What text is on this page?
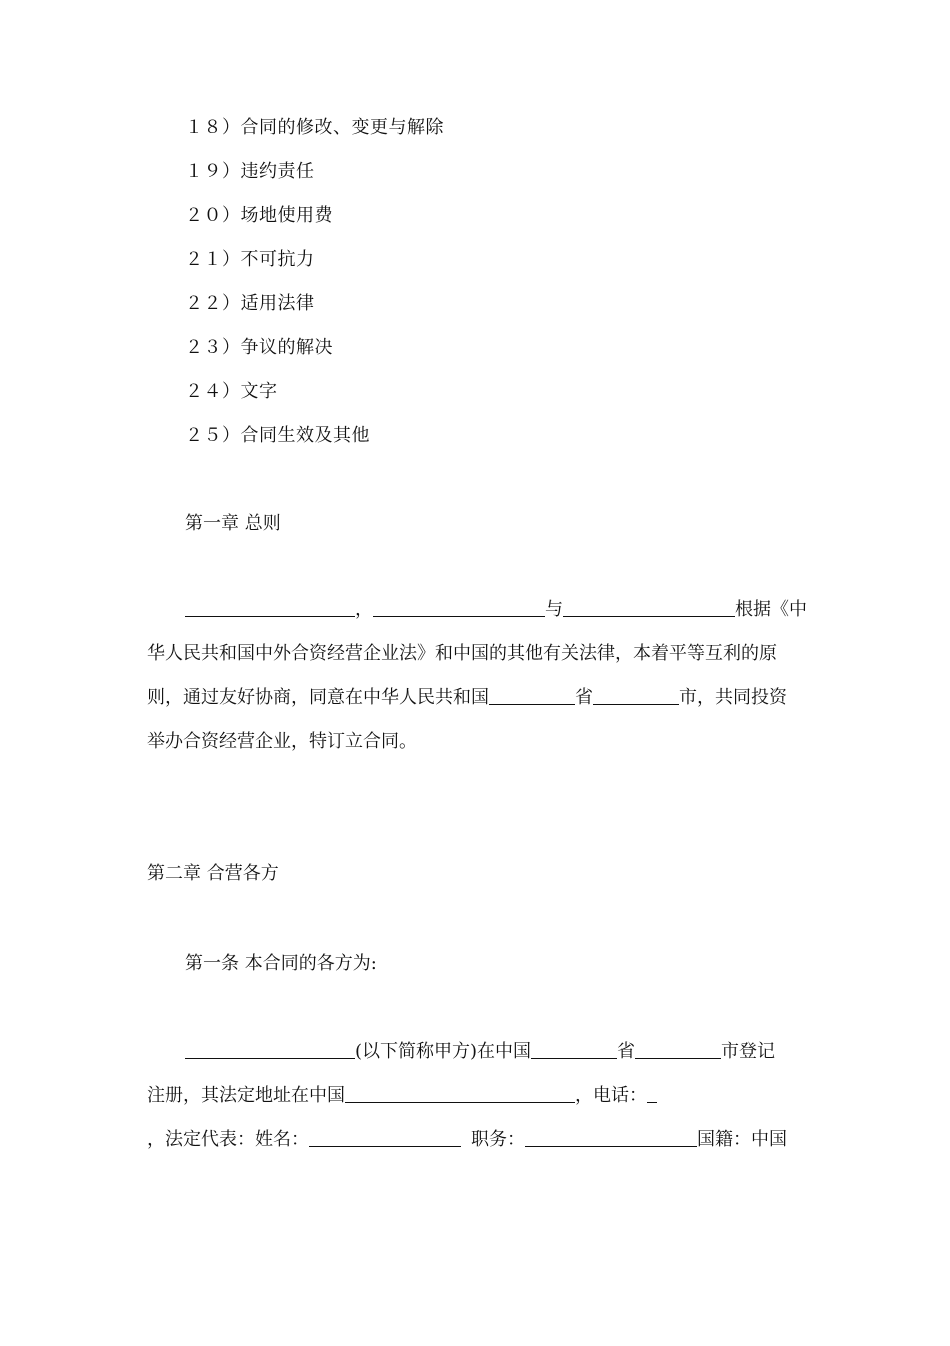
１８）合同的修改、变更与解除
１９）违约责任
２０）场地使用费
２１）不可抗力
２２）适用法律
２３）争议的解决
２４）文字
２５）合同生效及其他
第一章 总则
，	与	根据《中
华人民共和国中外合资经营企业法》和中国的其他有关法律，本着平等互利的原
则，通过友好协商，同意在中华人民共和国	省	市，共同投资
举办合资经营企业，特订立合同。
第二章 合营各方
第一条 本合同的各方为:
(以下简称甲方)在中国	省	市登记
注册，其法定地址在中国	，电话：
，法定代表：姓名：	职务：	国籍：中国
